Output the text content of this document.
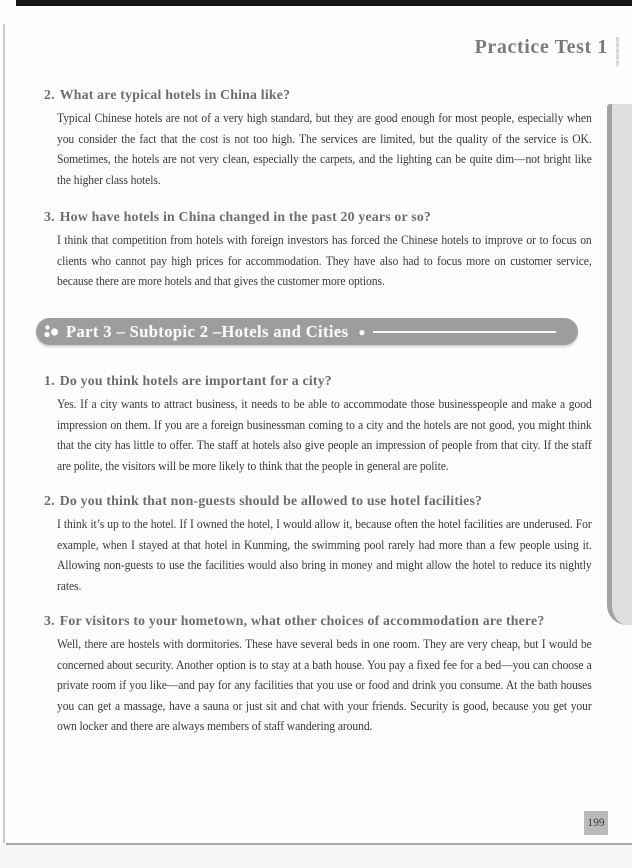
Practice Test 1
2. What are typical hotels in China like?

Typical Chinese hotels are not of a very high standard, but they are good enough for most people, especially when you consider the fact that the cost is not too high. The services are limited, but the quality of the service is OK. Sometimes, the hotels are not very clean, especially the carpets, and the lighting can be quite dim—not bright like the higher class hotels.

3. How have hotels in China changed in the past 20 years or so?

I think that competition from hotels with foreign investors has forced the Chinese hotels to improve or to focus on clients who cannot pay high prices for accommodation. They have also had to focus more on customer service, because there are more hotels and that gives the customer more options.

Part 3 – Subtopic 2 –Hotels and Cities ●
1. Do you think hotels are important for a city?

Yes. If a city wants to attract business, it needs to be able to accommodate those businesspeople and make a good impression on them. If you are a foreign businessman coming to a city and the hotels are not good, you might think that the city has little to offer. The staff at hotels also give people an impression of people from that city. If the staff are polite, the visitors will be more likely to think that the people in general are polite.

2. Do you think that non-guests should be allowed to use hotel facilities?

I think it’s up to the hotel. If I owned the hotel, I would allow it, because often the hotel facilities are underused. For example, when I stayed at that hotel in Kunming, the swimming pool rarely had more than a few people using it. Allowing non-guests to use the facilities would also bring in money and might allow the hotel to reduce its nightly rates.

3. For visitors to your hometown, what other choices of accommodation are there?

Well, there are hostels with dormitories. These have several beds in one room. They are very cheap, but I would be concerned about security. Another option is to stay at a bath house. You pay a fixed fee for a bed—you can choose a private room if you like—and pay for any facilities that you use or food and drink you consume. At the bath houses you can get a massage, have a sauna or just sit and chat with your friends. Security is good, because you get your own locker and there are always members of staff wandering around.

199
